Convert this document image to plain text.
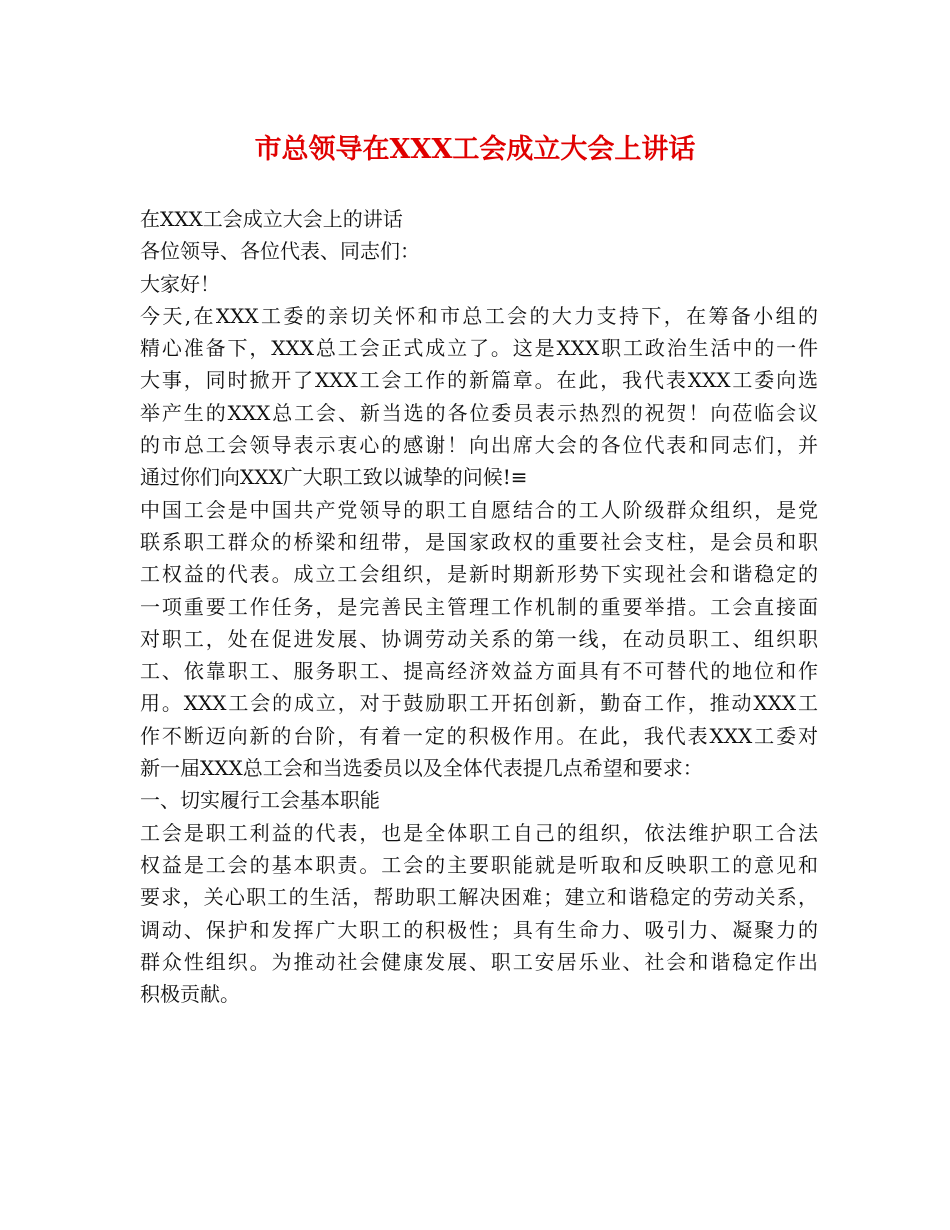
市总领导在XXX工会成立大会上讲话

在XXX工会成立大会上的讲话

各位领导、各位代表、同志们：

大家好！

今天,在XXX工委的亲切关怀和市总工会的大力支持下，在筹备小组的

精心准备下，XXX总工会正式成立了。这是XXX职工政治生活中的一件

大事，同时掀开了XXX工会工作的新篇章。在此，我代表XXX工委向选

举产生的XXX总工会、新当选的各位委员表示热烈的祝贺！向莅临会议

的市总工会领导表示衷心的感谢！向出席大会的各位代表和同志们，并

通过你们向XXX广大职工致以诚挚的问候!≡

中国工会是中国共产党领导的职工自愿结合的工人阶级群众组织，是党

联系职工群众的桥梁和纽带，是国家政权的重要社会支柱，是会员和职

工权益的代表。成立工会组织，是新时期新形势下实现社会和谐稳定的

一项重要工作任务，是完善民主管理工作机制的重要举措。工会直接面

对职工，处在促进发展、协调劳动关系的第一线，在动员职工、组织职

工、依靠职工、服务职工、提高经济效益方面具有不可替代的地位和作

用。XXX工会的成立，对于鼓励职工开拓创新，勤奋工作，推动XXX工

作不断迈向新的台阶，有着一定的积极作用。在此，我代表XXX工委对

新一届XXX总工会和当选委员以及全体代表提几点希望和要求：

一、切实履行工会基本职能

工会是职工利益的代表，也是全体职工自己的组织，依法维护职工合法

权益是工会的基本职责。工会的主要职能就是听取和反映职工的意见和

要求，关心职工的生活，帮助职工解决困难；建立和谐稳定的劳动关系，

调动、保护和发挥广大职工的积极性；具有生命力、吸引力、凝聚力的

群众性组织。为推动社会健康发展、职工安居乐业、社会和谐稳定作出

积极贡献。
